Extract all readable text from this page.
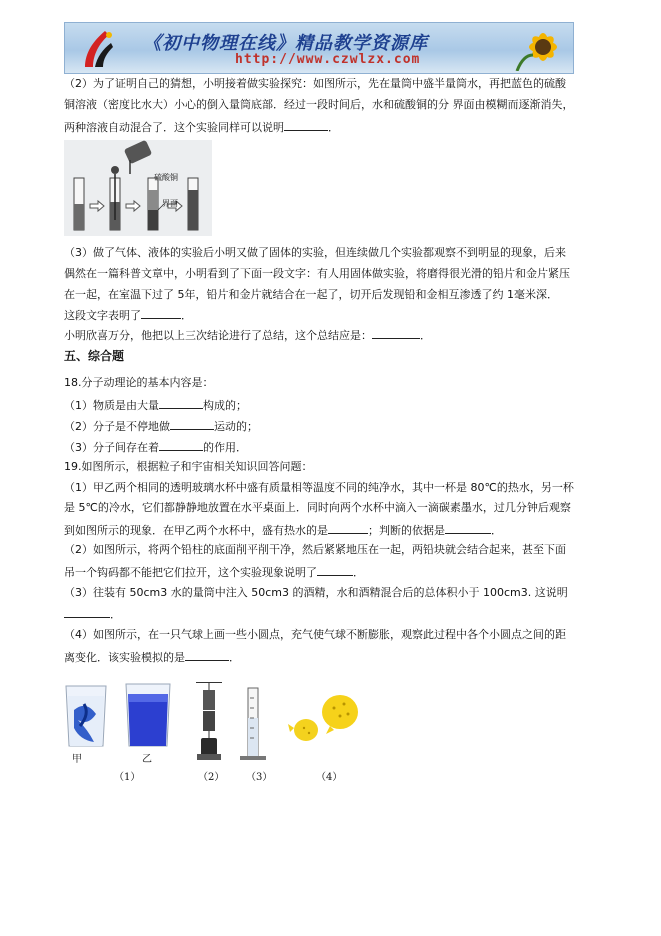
《初中物理在线》精品教学资源库
http://www.czwlzx.com
（2）为了证明自己的猜想，小明接着做实验探究：如图所示，先在量筒中盛半量筒水，再把蓝色的硫酸
铜溶液（密度比水大）小心的倒入量筒底部．经过一段时间后，水和硫酸铜的分 界面由模糊而逐渐消失，
两种溶液自动混合了．这个实验同样可以说明	．
硫酸铜
界面
（3）做了气体、液体的实验后小明又做了固体的实验，但连续做几个实验都观察不到明显的现象，后来
偶然在一篇科普文章中，小明看到了下面一段文字：有人用固体做实验，将磨得很光滑的铅片和金片紧压
在一起，在室温下过了 5年，铅片和金片就结合在一起了，切开后发现铅和金相互渗透了约 1毫米深．
这段文字表明了	．
小明欣喜万分，他把以上三次结论进行了总结，这个总结应是：	．
五、综合题
18.分子动理论的基本内容是：
（1）物质是由大量	构成的；
（2）分子是不停地做	运动的；
（3）分子间存在着	的作用．
19.如图所示，根据粒子和宇宙相关知识回答问题：
（1）甲乙两个相同的透明玻璃水杯中盛有质量相等温度不同的纯净水，其中一杯是 80℃的热水，另一杯
是 5℃的冷水，它们都静静地放置在水平桌面上．同时向两个水杯中滴入一滴碳素墨水，过几分钟后观察
到如图所示的现象．在甲乙两个水杯中，盛有热水的是	；判断的依据是	．
（2）如图所示，将两个铅柱的底面削平削干净，然后紧紧地压在一起，两铅块就会结合起来，甚至下面
吊一个钩码都不能把它们拉开，这个实验现象说明了	．
（3）往装有 50cm3 水的量筒中注入 50cm3 的酒精，水和酒精混合后的总体积小于 100cm3. 这说明
．
（4）如图所示，在一只气球上画一些小圆点，充气使气球不断膨胀，观察此过程中各个小圆点之间的距
离变化．该实验模拟的是	．
甲	乙
（1）	（2） （3）	（4）
